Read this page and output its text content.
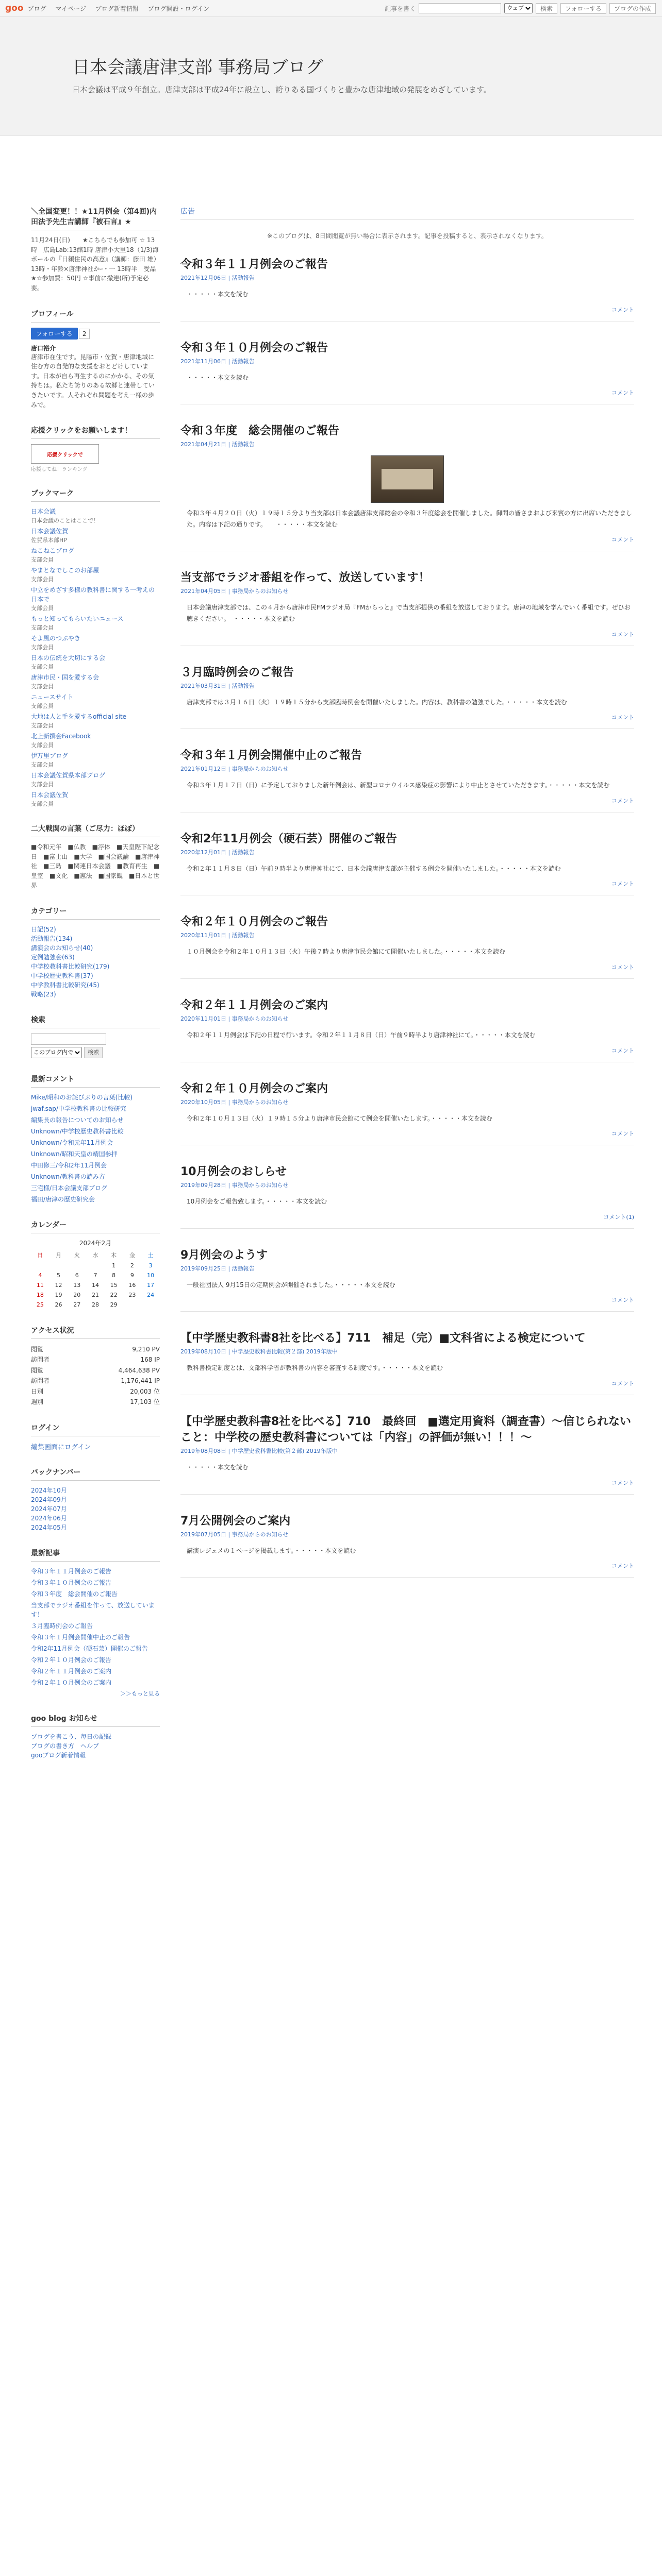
goo ブログ マイページ ブログ新着情報 ブログ開設・ログイン	記事を書く
ウェブ	検索	フォローする	ブログの作成
日本会議唐津支部 事務局ブログ
日本会議は平成９年創立。唐津支部は平成24年に設立し、誇りある国づくりと豊かな唐津地域の発展をめざしています。
＼全国変更！！★11月例会（第4回)内田法予先生吉講師『被石言』★
11月24日(日)　　★こちらでも参加可 ☆ 13時　広島Lab:13館1時 唐津小大里18（1/3)海ボールの『日頼住民の高意』（講師：藤田 雄）13時・年齢×唐津神社かｰ・一 13時半　受品　★☆参加費：50円 ☆事前に撤連(所)予定必要。
プロフィール
フォローする 2
唐口裕介
唐津市在住です。昆陽市・佐賀・唐津地域に住む方の自発的な支援をおとどけしています。日本が自ら再生するのにかかる、その気持ちは。私たち誇りのある故郷と連帯していきたいです。人それぞれ問題を考え一様の歩みで。
応援クリックをお願いします！
応援クリックで
応援してね！ランキング
ブックマーク
日本会議
日本会議のことはここで！
日本会議佐賀
佐賀県本部HP
ねこねこブログ
支部会員
やまとなでしこのお部屋
支部会員
中立をめざす多様の教科書に関する一考えの日本で
支部会員
もっと知ってもらいたいニュース
支部会員
そよ風のつぶやき
支部会員
日本の伝統を大切にする会
支部会員
唐津市民・国を愛する会
支部会員
ニュースサイト
支部会員
大地は人と手を愛するofficial site
支部会員
北上新撰会Facebook
支部会員
伊万里ブログ
支部会員
日本会議佐賀県本部ブログ
支部会員
日本会議佐賀
支部会員
二大戦関の言葉（ご尽力：ほぼ）
■令和元年　■仏教　■浮体　■天皇陛下記念日　■富士山　■大学　■国会議論　■唐津神社　■三島　■関連日本会議　■教育再生　■皇室　■文化　■憲法　■国家観　■日本と世界
カテゴリー
日記(52)
活動報告(134)
講演会のお知らせ(40)
定例勉強会(63)
中学校教科書比較研究(179)
中学校歴史教科書(37)
中学教科書比較研究(45)
戦略(23)
検索
このブログ内で
検索
最新コメント
Mike/昭和のお詫びぶりの言葉(比較)
jwaf.sap/中学校教科書の比較研究
編集長の報告についてのお知らせ
Unknown/中学校歴史教科書比較
Unknown/令和元年11月例会
Unknown/昭和天皇の靖国参拝
中田修三/令和2年11月例会
Unknown/教科書の読み方
三宅様/日本会議支部ブログ
福田/唐津の歴史研究会
カレンダー
2024年2月
日	月	火	水	木	金	土
				1	2	3
4	5	6	7	8	9	10
11	12	13	14	15	16	17
18	19	20	21	22	23	24
25	26	27	28	29		
アクセス状況
閲覧	9,210 PV
訪問者	168 IP
閲覧	4,464,638 PV
訪問者	1,176,441 IP
日別	20,003 位
週別	17,103 位
ログイン
編集画面にログイン
バックナンバー
2024年10月
2024年09月
2024年07月
2024年06月
2024年05月
最新記事
令和３年１１月例会のご報告
令和３年１０月例会のご報告
令和３年度　総会開催のご報告
当支部でラジオ番組を作って、放送しています！
３月臨時例会のご報告
令和３年１月例会開催中止のご報告
令和2年11月例会（硬石芸）開催のご報告
令和２年１０月例会のご報告
令和２年１１月例会のご案内
令和２年１０月例会のご案内
＞＞もっと見る
goo blog お知らせ
ブログを書こう、毎日の記録
ブログの書き方　ヘルプ
gooブログ新着情報
広告
※このブログは、8日間閲覧が無い場合に表示されます。記事を投稿すると、表示されなくなります。
令和３年１１月例会のご報告
2021年12月06日 | 活動報告
・・・・・本文を読む
コメント
令和３年１０月例会のご報告
2021年11月06日 | 活動報告
・・・・・本文を読む
コメント
令和３年度　総会開催のご報告
2021年04月21日 | 活動報告
令和３年４月２０日（火）１９時１５分より当支部は日本会議唐津支部総会の令和３年度総会を開催しました。御間の皆さまおよび来賓の方に出席いただきました。内容は下記の通りです。　　・・・・・本文を読む
コメント
当支部でラジオ番組を作って、放送しています！
2021年04月05日 | 事務局からのお知らせ
日本会議唐津支部では、この４月から唐津市民FMラジオ局『FMからっと』で当支部提供の番組を放送しております。唐津の地域を学んでいく番組です。ぜひお聴きください。　・・・・・本文を読む
コメント
３月臨時例会のご報告
2021年03月31日 | 活動報告
唐津支部では３月１６日（火）１９時１５分から支部臨時例会を開催いたしました。内容は、教科書の勉強でした。・・・・・本文を読む
コメント
令和３年１月例会開催中止のご報告
2021年01月12日 | 事務局からのお知らせ
令和３年１月１７日（日）に予定しておりました新年例会は、新型コロナウイルス感染症の影響により中止とさせていただきます。・・・・・本文を読む
コメント
令和2年11月例会（硬石芸）開催のご報告
2020年12月01日 | 活動報告
令和２年１１月８日（日）午前９時半より唐津神社にて、日本会議唐津支部が主催する例会を開催いたしました。・・・・・本文を読む
コメント
令和２年１０月例会のご報告
2020年11月01日 | 活動報告
１０月例会を令和２年１０月１３日（火）午後７時より唐津市民会館にて開催いたしました。・・・・・本文を読む
コメント
令和２年１１月例会のご案内
2020年11月01日 | 事務局からのお知らせ
令和２年１１月例会は下記の日程で行います。令和２年１１月８日（日）午前９時半より唐津神社にて。・・・・・本文を読む
コメント
令和２年１０月例会のご案内
2020年10月05日 | 事務局からのお知らせ
令和２年１０月１３日（火）１９時１５分より唐津市民会館にて例会を開催いたします。・・・・・本文を読む
コメント
10月例会のおしらせ
2019年09月28日 | 事務局からのお知らせ
10月例会をご報告致します。・・・・・本文を読む
コメント(1)
9月例会のようす
2019年09月25日 | 活動報告
一般社団法人 9月15日の定期例会が開催されました。・・・・・本文を読む
コメント
【中学歴史教科書8社を比べる】711　補足（完）■文科省による検定について
2019年08月10日 | 中学歴史教科書比較(第２部) 2019年版中
教科書検定制度とは、文部科学省が教科書の内容を審査する制度です。・・・・・本文を読む
コメント
【中学歴史教科書8社を比べる】710　最終回　■選定用資料（調査書）〜信じられないこと：中学校の歴史教科書については「内容」の評価が無い！！！〜
2019年08月08日 | 中学歴史教科書比較(第２部) 2019年版中
・・・・・本文を読む
コメント
7月公開例会のご案内
2019年07月05日 | 事務局からのお知らせ
講演レジュメの１ページを掲載します。・・・・・本文を読む
コメント
